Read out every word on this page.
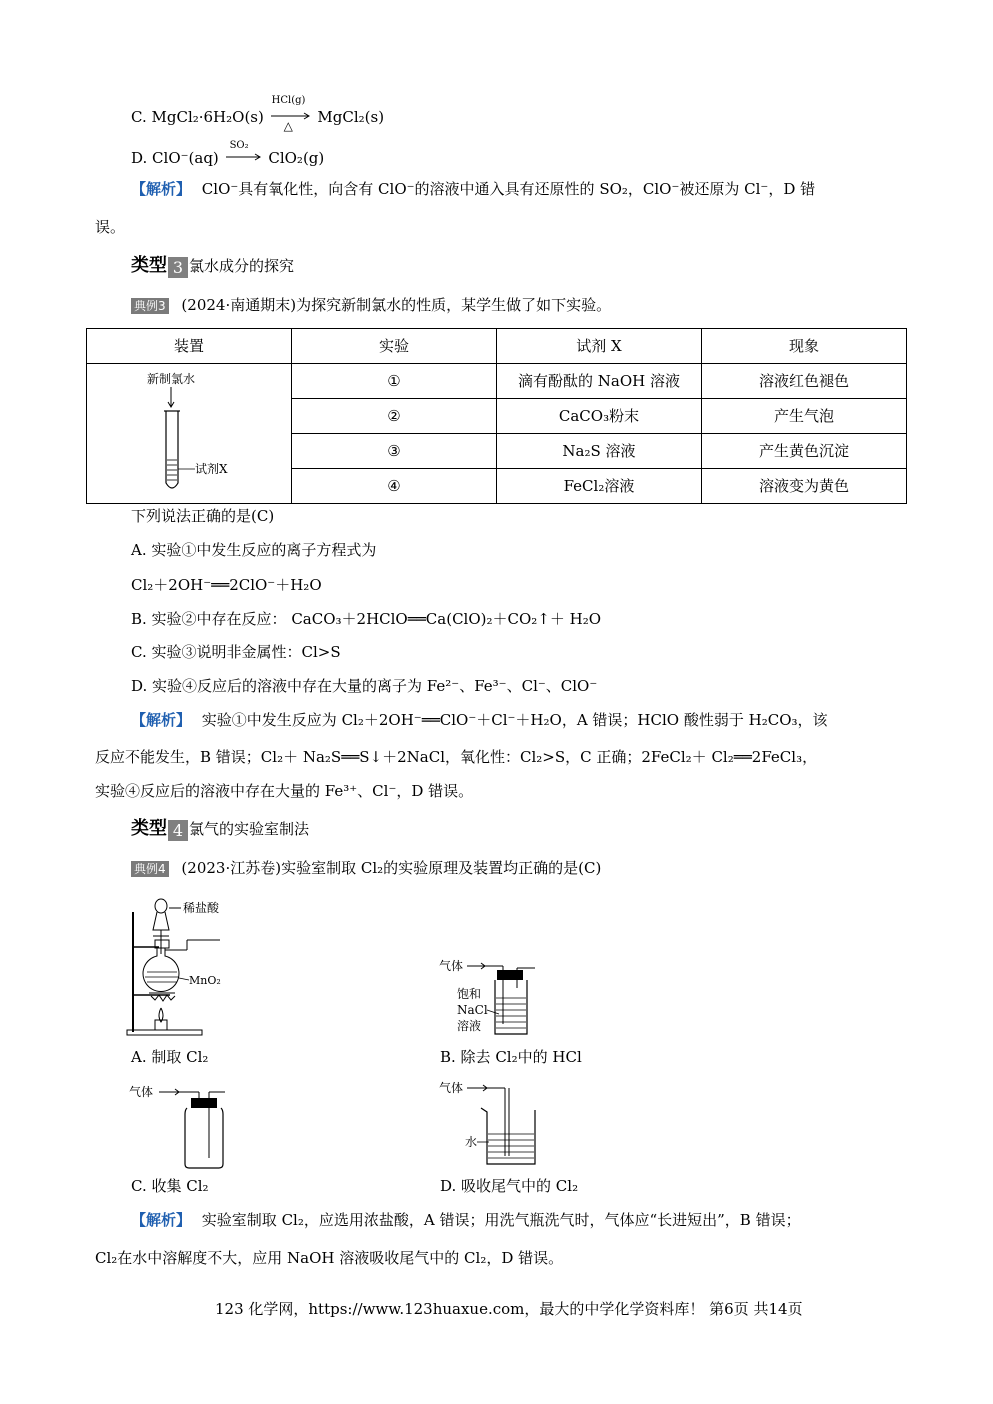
C. MgCl₂·6H₂O(s)
HCl(g)
△ MgCl₂(s)
D. ClO⁻(aq)
SO₂
ClO₂(g)
【解析】 ClO⁻具有氧化性，向含有 ClO⁻的溶液中通入具有还原性的 SO₂，ClO⁻被还原为 Cl⁻，D 错
误。
类型 3 氯水成分的探究
典例3 (2024·南通期末)为探究新制氯水的性质，某学生做了如下实验。
装置	实验	试剂 X	现象

新制氯水
试剂X	①	滴有酚酞的 NaOH 溶液	溶液红色褪色
	②	CaCO₃粉末	产生气泡
	③	Na₂S 溶液	产生黄色沉淀
	④	FeCl₂溶液	溶液变为黄色
下列说法正确的是(C)
A. 实验①中发生反应的离子方程式为
Cl₂＋2OH⁻══2ClO⁻＋H₂O
B. 实验②中存在反应： CaCO₃＋2HClO══Ca(ClO)₂＋CO₂↑＋ H₂O
C. 实验③说明非金属性：Cl>S
D. 实验④反应后的溶液中存在大量的离子为 Fe²⁻、Fe³⁻、Cl⁻、ClO⁻
【解析】 实验①中发生反应为 Cl₂＋2OH⁻══ClO⁻＋Cl⁻＋H₂O，A 错误；HClO 酸性弱于 H₂CO₃，该
反应不能发生，B 错误；Cl₂＋ Na₂S══S↓＋2NaCl，氧化性：Cl₂>S，C 正确；2FeCl₂＋ Cl₂══2FeCl₃，
实验④反应后的溶液中存在大量的 Fe³⁺、Cl⁻，D 错误。
类型 4 氯气的实验室制法
典例4 (2023·江苏卷)实验室制取 Cl₂的实验原理及装置均正确的是(C)
稀盐酸
MnO₂
A. 制取 Cl₂
气体
饱和
NaCl
溶液
B. 除去 Cl₂中的 HCl
气体
C. 收集 Cl₂
气体
水
D. 吸收尾气中的 Cl₂
【解析】 实验室制取 Cl₂，应选用浓盐酸，A 错误；用洗气瓶洗气时，气体应“长进短出”，B 错误；
Cl₂在水中溶解度不大，应用 NaOH 溶液吸收尾气中的 Cl₂，D 错误。
123 化学网，https://www.123huaxue.com，最大的中学化学资料库！ 第6页 共14页
